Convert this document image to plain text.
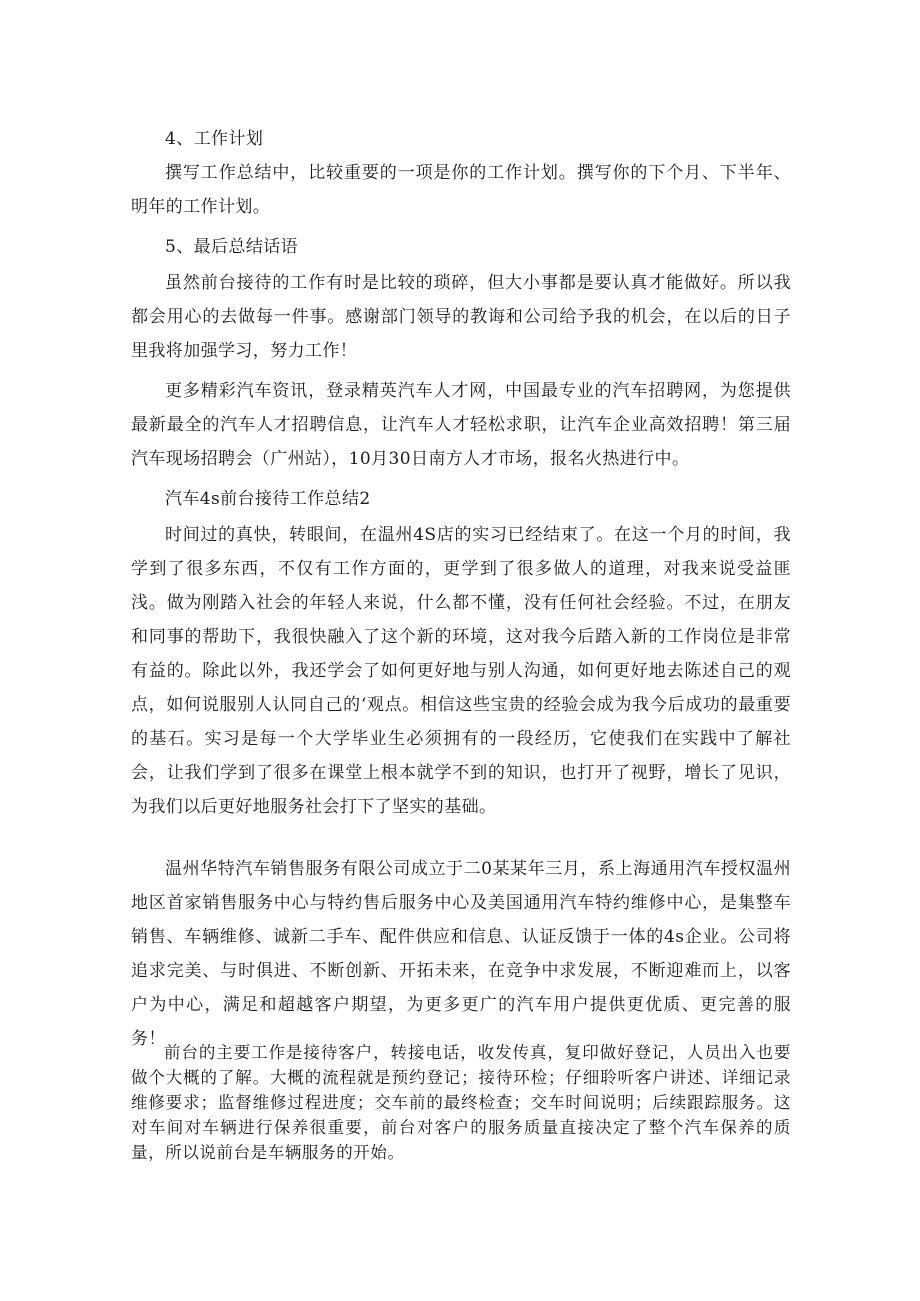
4、工作计划

撰写工作总结中，比较重要的一项是你的工作计划。撰写你的下个月、下半年、明年的工作计划。

5、最后总结话语

虽然前台接待的工作有时是比较的琐碎，但大小事都是要认真才能做好。所以我都会用心的去做每一件事。感谢部门领导的教诲和公司给予我的机会，在以后的日子里我将加强学习，努力工作！

更多精彩汽车资讯，登录精英汽车人才网，中国最专业的汽车招聘网，为您提供最新最全的汽车人才招聘信息，让汽车人才轻松求职，让汽车企业高效招聘！第三届汽车现场招聘会（广州站），10月30日南方人才市场，报名火热进行中。

汽车4s前台接待工作总结2

时间过的真快，转眼间，在温州4S店的实习已经结束了。在这一个月的时间，我学到了很多东西，不仅有工作方面的，更学到了很多做人的道理，对我来说受益匪浅。做为刚踏入社会的年轻人来说，什么都不懂，没有任何社会经验。不过，在朋友和同事的帮助下，我很快融入了这个新的环境，这对我今后踏入新的工作岗位是非常有益的。除此以外，我还学会了如何更好地与别人沟通，如何更好地去陈述自己的观点，如何说服别人认同自己的‘观点。相信这些宝贵的经验会成为我今后成功的最重要的基石。实习是每一个大学毕业生必须拥有的一段经历，它使我们在实践中了解社会，让我们学到了很多在课堂上根本就学不到的知识，也打开了视野，增长了见识，为我们以后更好地服务社会打下了坚实的基础。

温州华特汽车销售服务有限公司成立于二0某某年三月，系上海通用汽车授权温州地区首家销售服务中心与特约售后服务中心及美国通用汽车特约维修中心，是集整车销售、车辆维修、诚新二手车、配件供应和信息、认证反馈于一体的4s企业。公司将追求完美、与时俱进、不断创新、开拓未来，在竞争中求发展，不断迎难而上，以客户为中心，满足和超越客户期望，为更多更广的汽车用户提供更优质、更完善的服务！

前台的主要工作是接待客户，转接电话，收发传真，复印做好登记，人员出入也要做个大概的了解。大概的流程就是预约登记；接待环检；仔细聆听客户讲述、详细记录维修要求；监督维修过程进度；交车前的最终检查；交车时间说明；后续跟踪服务。这对车间对车辆进行保养很重要，前台对客户的服务质量直接决定了整个汽车保养的质量，所以说前台是车辆服务的开始。
